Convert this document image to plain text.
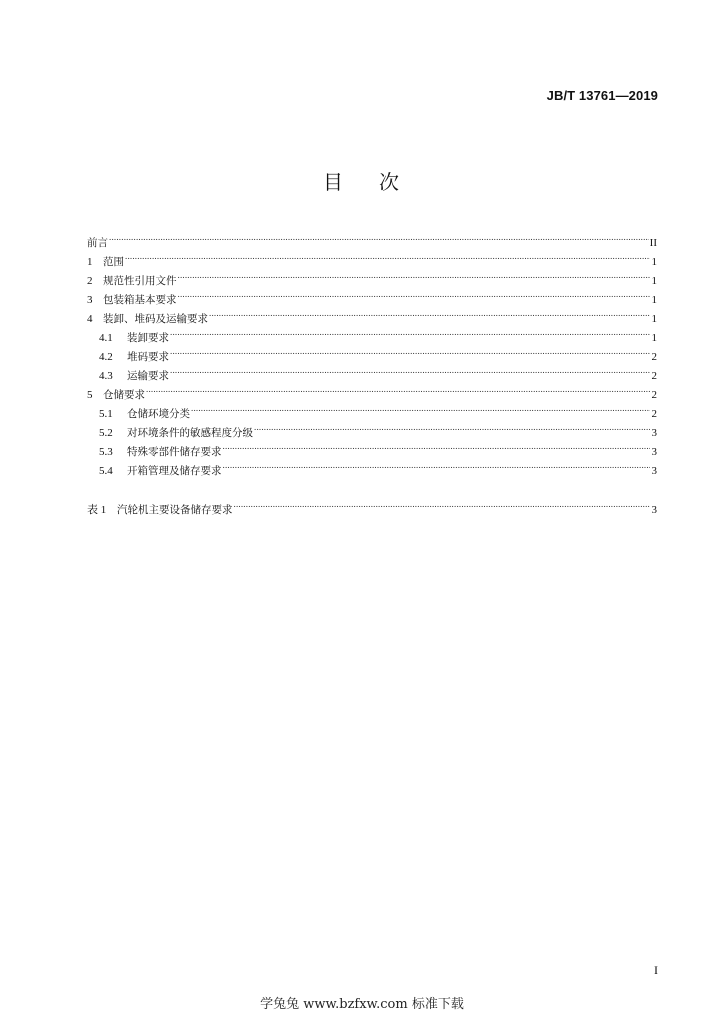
JB/T 13761—2019
目 次
前言 .....	II
1	范围 .....	1
2	规范性引用文件 .....	1
3	包装箱基本要求 .....	1
4	装卸、堆码及运输要求 .....	1
4.1	装卸要求 .....	1
4.2	堆码要求 .....	2
4.3	运输要求 .....	2
5	仓储要求 .....	2
5.1	仓储环境分类 .....	2
5.2	对环境条件的敏感程度分级 .....	3
5.3	特殊零部件储存要求 .....	3
5.4	开箱管理及储存要求 .....	3
表 1	汽轮机主要设备储存要求 .....	3
I
学兔兔 www.bzfxw.com 标准下载
